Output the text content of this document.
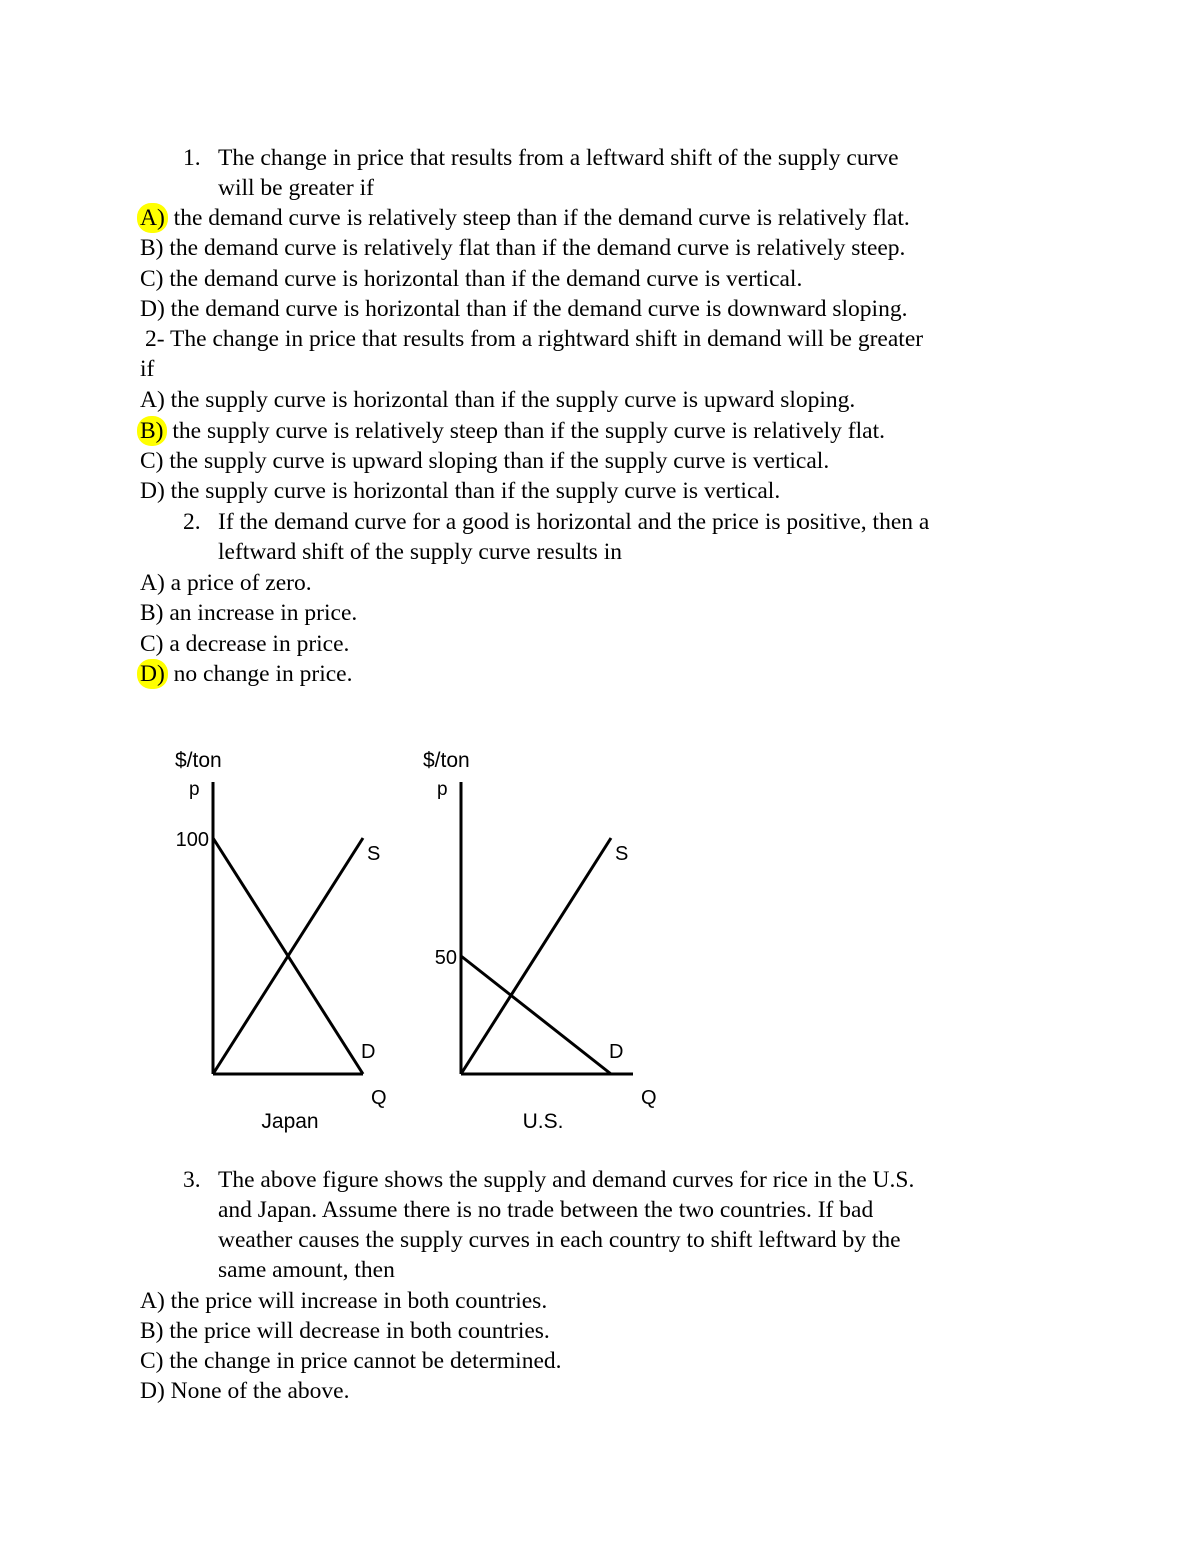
1. The change in price that results from a leftward shift of the supply curve
will be greater if
A) the demand curve is relatively steep than if the demand curve is relatively flat.
B) the demand curve is relatively flat than if the demand curve is relatively steep.
C) the demand curve is horizontal than if the demand curve is vertical.
D) the demand curve is horizontal than if the demand curve is downward sloping.
2- The change in price that results from a rightward shift in demand will be greater
if
A) the supply curve is horizontal than if the supply curve is upward sloping.
B) the supply curve is relatively steep than if the supply curve is relatively flat.
C) the supply curve is upward sloping than if the supply curve is vertical.
D) the supply curve is horizontal than if the supply curve is vertical.
2. If the demand curve for a good is horizontal and the price is positive, then a
leftward shift of the supply curve results in
A) a price of zero.
B) an increase in price.
C) a decrease in price.
D) no change in price.
$/ton
p
Q
Japan
100
D
S
$/ton
p
Q
U.S.
50
D
S
3. The above figure shows the supply and demand curves for rice in the U.S.
and Japan. Assume there is no trade between the two countries. If bad
weather causes the supply curves in each country to shift leftward by the
same amount, then
A) the price will increase in both countries.
B) the price will decrease in both countries.
C) the change in price cannot be determined.
D) None of the above.
